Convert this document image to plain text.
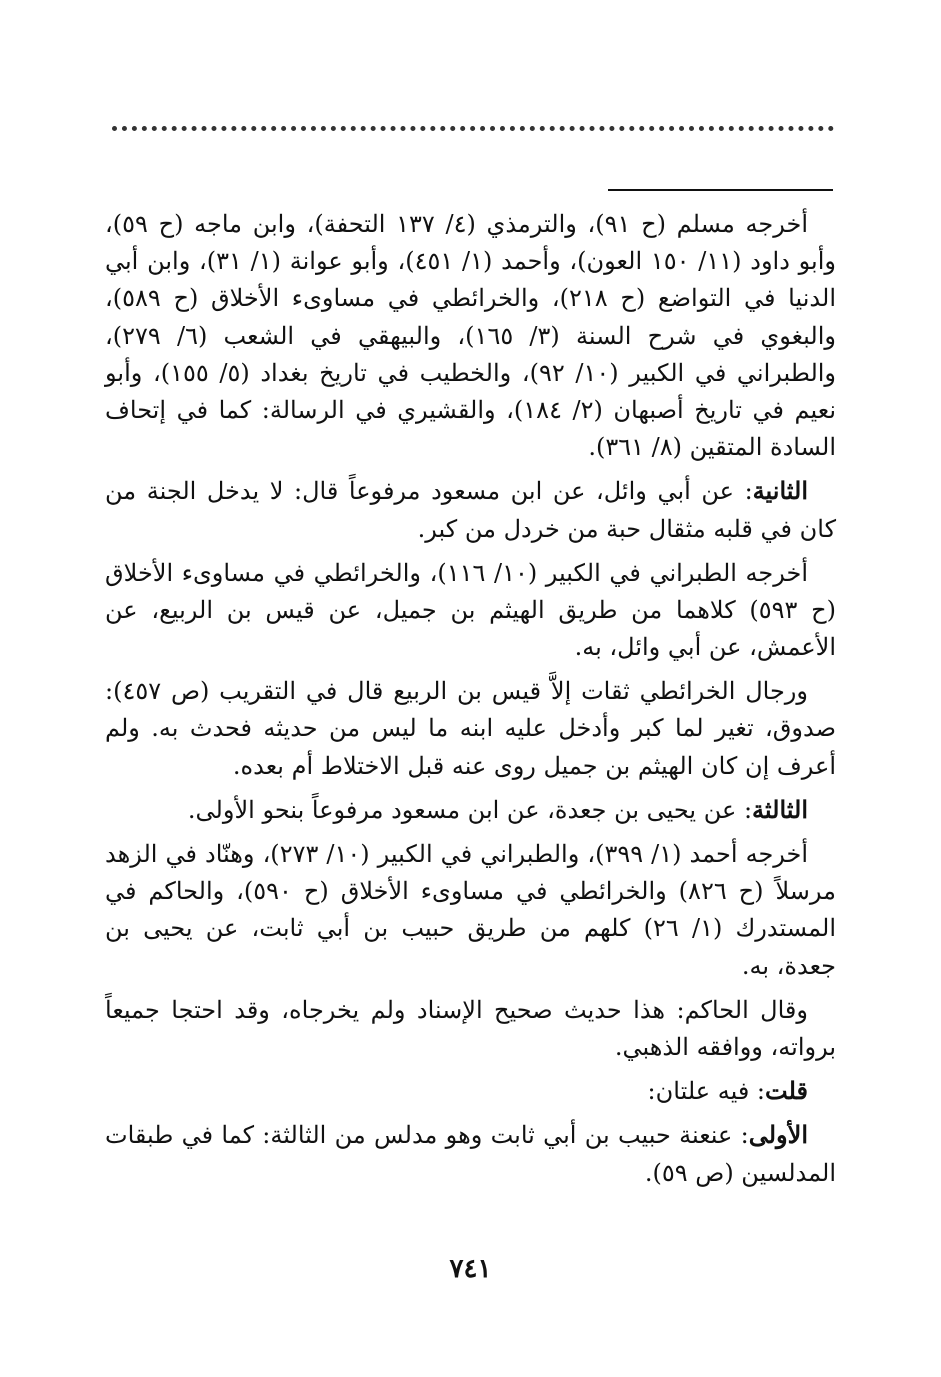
أخرجه مسلم (ح ٩١)، والترمذي (٤/ ١٣٧ التحفة)، وابن ماجه (ح ٥٩)، وأبو داود (١١/ ١٥٠ العون)، وأحمد (١/ ٤٥١)، وأبو عوانة (١/ ٣١)، وابن أبي الدنيا في التواضع (ح ٢١٨)، والخرائطي في مساوىء الأخلاق (ح ٥٨٩)، والبغوي في شرح السنة (٣/ ١٦٥)، والبيهقي في الشعب (٦/ ٢٧٩)، والطبراني في الكبير (١٠/ ٩٢)، والخطيب في تاريخ بغداد (٥/ ١٥٥)، وأبو نعيم في تاريخ أصبهان (٢/ ١٨٤)، والقشيري في الرسالة: كما في إتحاف السادة المتقين (٨/ ٣٦١).

الثانية: عن أبي وائل، عن ابن مسعود مرفوعاً قال: لا يدخل الجنة من كان في قلبه مثقال حبة من خردل من كبر.

أخرجه الطبراني في الكبير (١٠/ ١١٦)، والخرائطي في مساوىء الأخلاق (ح ٥٩٣) كلاهما من طريق الهيثم بن جميل، عن قيس بن الربيع، عن الأعمش، عن أبي وائل، به.

ورجال الخرائطي ثقات إلاَّ قيس بن الربيع قال في التقريب (ص ٤٥٧): صدوق، تغير لما كبر وأدخل عليه ابنه ما ليس من حديثه فحدث به. ولم أعرف إن كان الهيثم بن جميل روى عنه قبل الاختلاط أم بعده.

الثالثة: عن يحيى بن جعدة، عن ابن مسعود مرفوعاً بنحو الأولى.

أخرجه أحمد (١/ ٣٩٩)، والطبراني في الكبير (١٠/ ٢٧٣)، وهنّاد في الزهد مرسلاً (ح ٨٢٦) والخرائطي في مساوىء الأخلاق (ح ٥٩٠)، والحاكم في المستدرك (١/ ٢٦) كلهم من طريق حبيب بن أبي ثابت، عن يحيى بن جعدة، به.

وقال الحاكم: هذا حديث صحيح الإسناد ولم يخرجاه، وقد احتجا جميعاً برواته، ووافقه الذهبي.

قلت: فيه علتان:

الأولى: عنعنة حبيب بن أبي ثابت وهو مدلس من الثالثة: كما في طبقات المدلسين (ص ٥٩).

٧٤١
